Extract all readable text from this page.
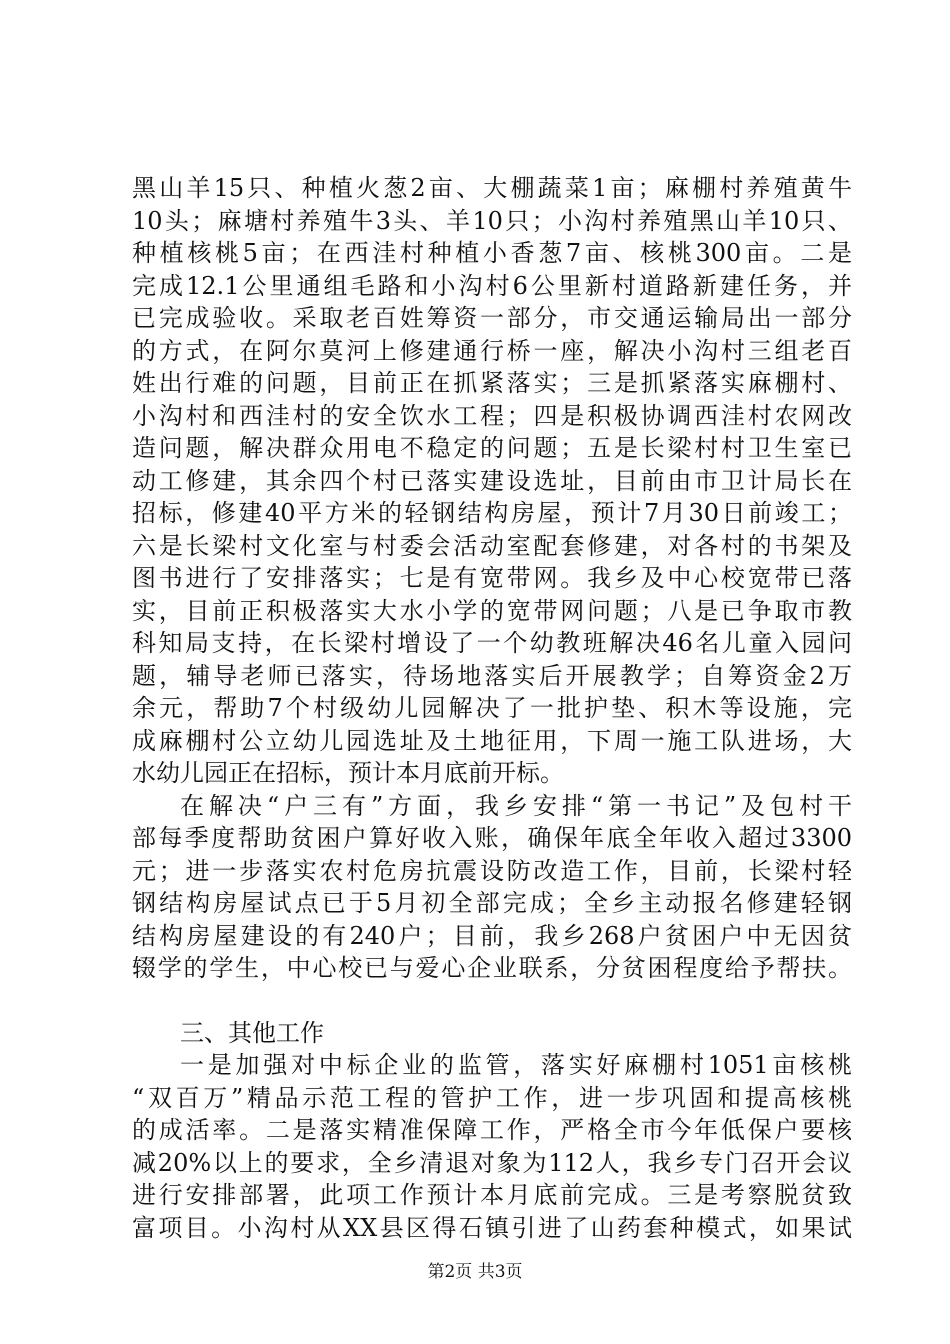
黑山羊15只、种植火葱2亩、大棚蔬菜1亩；麻棚村养殖黄牛
10头；麻塘村养殖牛3头、羊10只；小沟村养殖黑山羊10只、
种植核桃5亩；在西洼村种植小香葱7亩、核桃300亩。二是
完成12.1公里通组毛路和小沟村6公里新村道路新建任务，并
已完成验收。采取老百姓筹资一部分，市交通运输局出一部分
的方式，在阿尔莫河上修建通行桥一座，解决小沟村三组老百
姓出行难的问题，目前正在抓紧落实；三是抓紧落实麻棚村、
小沟村和西洼村的安全饮水工程；四是积极协调西洼村农网改
造问题，解决群众用电不稳定的问题；五是长梁村村卫生室已
动工修建，其余四个村已落实建设选址，目前由市卫计局长在
招标，修建40平方米的轻钢结构房屋，预计7月30日前竣工；
六是长梁村文化室与村委会活动室配套修建，对各村的书架及
图书进行了安排落实；七是有宽带网。我乡及中心校宽带已落
实，目前正积极落实大水小学的宽带网问题；八是已争取市教
科知局支持，在长梁村增设了一个幼教班解决46名儿童入园问
题，辅导老师已落实，待场地落实后开展教学；自筹资金2万
余元，帮助7个村级幼儿园解决了一批护垫、积木等设施，完
成麻棚村公立幼儿园选址及土地征用，下周一施工队进场，大
水幼儿园正在招标，预计本月底前开标。
在解决“户三有”方面，我乡安排“第一书记”及包村干
部每季度帮助贫困户算好收入账，确保年底全年收入超过3300
元；进一步落实农村危房抗震设防改造工作，目前，长梁村轻
钢结构房屋试点已于5月初全部完成；全乡主动报名修建轻钢
结构房屋建设的有240户；目前，我乡268户贫困户中无因贫
辍学的学生，中心校已与爱心企业联系，分贫困程度给予帮扶。
三、其他工作
一是加强对中标企业的监管，落实好麻棚村1051亩核桃
“双百万”精品示范工程的管护工作，进一步巩固和提高核桃
的成活率。二是落实精准保障工作，严格全市今年低保户要核
减20%以上的要求，全乡清退对象为112人，我乡专门召开会议
进行安排部署，此项工作预计本月底前完成。三是考察脱贫致
富项目。小沟村从XX县区得石镇引进了山药套种模式，如果试
第2页 共3页
